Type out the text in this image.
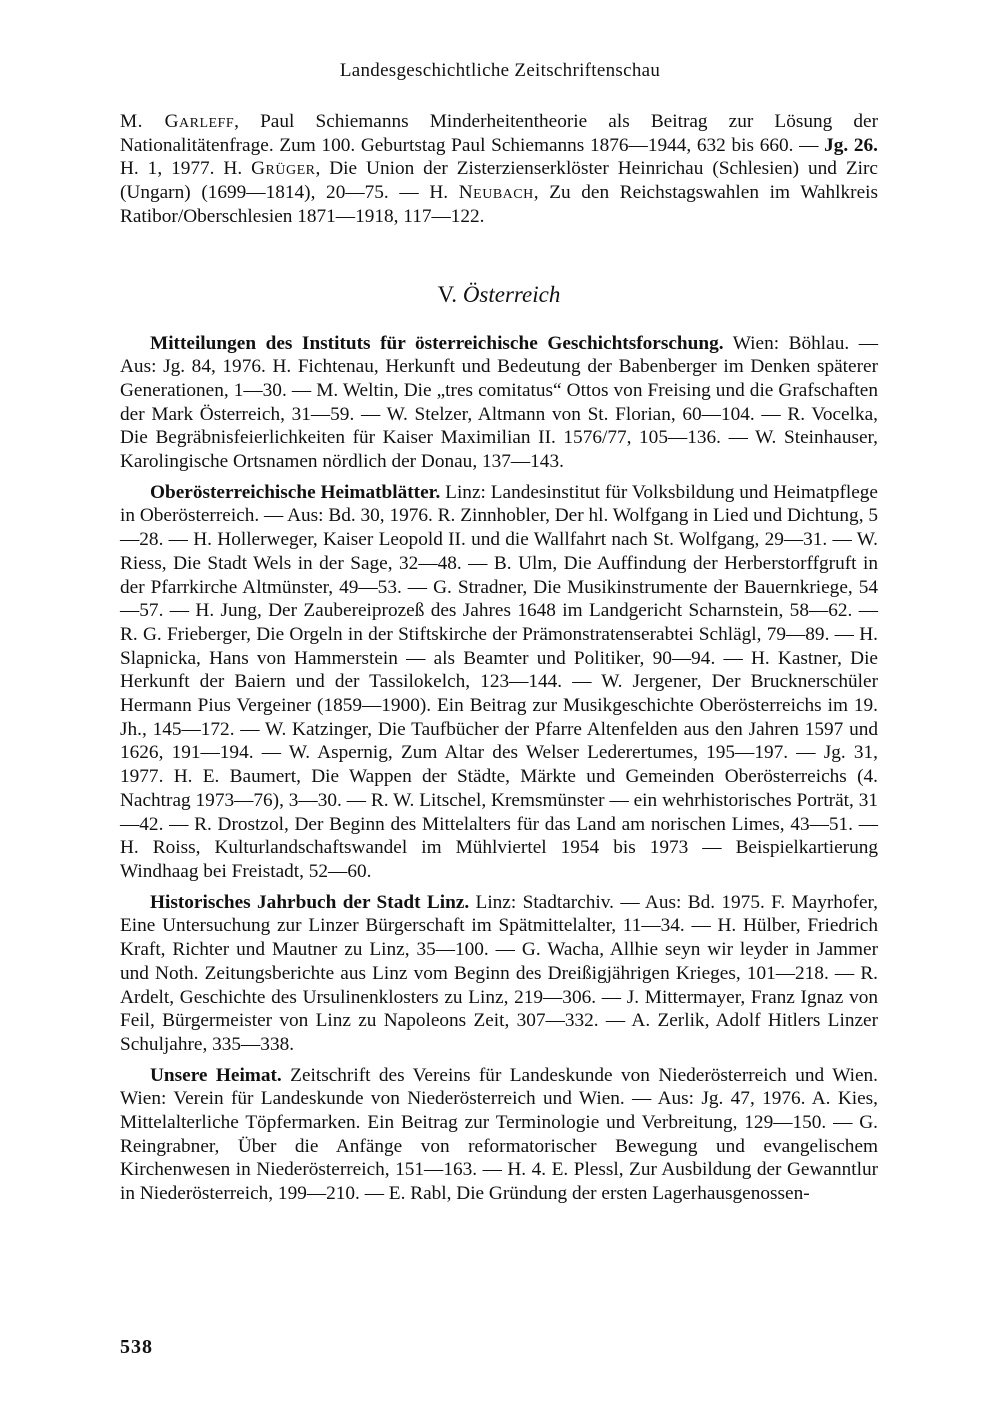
Landesgeschichtliche Zeitschriftenschau

M. Garleff, Paul Schiemanns Minderheitentheorie als Beitrag zur Lösung der Nationalitätenfrage. Zum 100. Geburtstag Paul Schiemanns 1876—1944, 632 bis 660. — Jg. 26. H. 1, 1977. H. Grüger, Die Union der Zisterzienserklöster Heinrichau (Schlesien) und Zirc (Ungarn) (1699—1814), 20—75. — H. Neubach, Zu den Reichstagswahlen im Wahlkreis Ratibor/Oberschlesien 1871—1918, 117—122.

V. Österreich

Mitteilungen des Instituts für österreichische Geschichtsforschung. Wien: Böhlau. — Aus: Jg. 84, 1976. H. Fichtenau, Herkunft und Bedeutung der Babenberger im Denken späterer Generationen, 1—30. — M. Weltin, Die „tres comitatus“ Ottos von Freising und die Grafschaften der Mark Österreich, 31—59. — W. Stelzer, Altmann von St. Florian, 60—104. — R. Vocelka, Die Begräbnisfeierlichkeiten für Kaiser Maximilian II. 1576/77, 105—136. — W. Steinhauser, Karolingische Ortsnamen nördlich der Donau, 137—143.

Oberösterreichische Heimatblätter. Linz: Landesinstitut für Volksbildung und Heimatpflege in Oberösterreich. — Aus: Bd. 30, 1976. R. Zinnhobler, Der hl. Wolfgang in Lied und Dichtung, 5—28. — H. Hollerweger, Kaiser Leopold II. und die Wallfahrt nach St. Wolfgang, 29—31. — W. Riess, Die Stadt Wels in der Sage, 32—48. — B. Ulm, Die Auffindung der Herberstorffgruft in der Pfarrkirche Altmünster, 49—53. — G. Stradner, Die Musikinstrumente der Bauernkriege, 54—57. — H. Jung, Der Zaubereiprozeß des Jahres 1648 im Landgericht Scharnstein, 58—62. — R. G. Frieberger, Die Orgeln in der Stiftskirche der Prämonstratenserabtei Schlägl, 79—89. — H. Slapnicka, Hans von Hammerstein — als Beamter und Politiker, 90—94. — H. Kastner, Die Herkunft der Baiern und der Tassilokelch, 123—144. — W. Jergener, Der Brucknerschüler Hermann Pius Vergeiner (1859—1900). Ein Beitrag zur Musikgeschichte Oberösterreichs im 19. Jh., 145—172. — W. Katzinger, Die Taufbücher der Pfarre Altenfelden aus den Jahren 1597 und 1626, 191—194. — W. Aspernig, Zum Altar des Welser Lederertumes, 195—197. — Jg. 31, 1977. H. E. Baumert, Die Wappen der Städte, Märkte und Gemeinden Oberösterreichs (4. Nachtrag 1973—76), 3—30. — R. W. Litschel, Kremsmünster — ein wehrhistorisches Porträt, 31—42. — R. Drostzol, Der Beginn des Mittelalters für das Land am norischen Limes, 43—51. — H. Roiss, Kulturlandschaftswandel im Mühlviertel 1954 bis 1973 — Beispielkartierung Windhaag bei Freistadt, 52—60.

Historisches Jahrbuch der Stadt Linz. Linz: Stadtarchiv. — Aus: Bd. 1975. F. Mayrhofer, Eine Untersuchung zur Linzer Bürgerschaft im Spätmittelalter, 11—34. — H. Hülber, Friedrich Kraft, Richter und Mautner zu Linz, 35—100. — G. Wacha, Allhie seyn wir leyder in Jammer und Noth. Zeitungsberichte aus Linz vom Beginn des Dreißigjährigen Krieges, 101—218. — R. Ardelt, Geschichte des Ursulinenklosters zu Linz, 219—306. — J. Mittermayer, Franz Ignaz von Feil, Bürgermeister von Linz zu Napoleons Zeit, 307—332. — A. Zerlik, Adolf Hitlers Linzer Schuljahre, 335—338.

Unsere Heimat. Zeitschrift des Vereins für Landeskunde von Niederösterreich und Wien. Wien: Verein für Landeskunde von Niederösterreich und Wien. — Aus: Jg. 47, 1976. A. Kies, Mittelalterliche Töpfermarken. Ein Beitrag zur Terminologie und Verbreitung, 129—150. — G. Reingrabner, Über die Anfänge von reformatorischer Bewegung und evangelischem Kirchenwesen in Niederösterreich, 151—163. — H. 4. E. Plessl, Zur Ausbildung der Gewanntlur in Niederösterreich, 199—210. — E. Rabl, Die Gründung der ersten Lagerhausgenossen-

538
